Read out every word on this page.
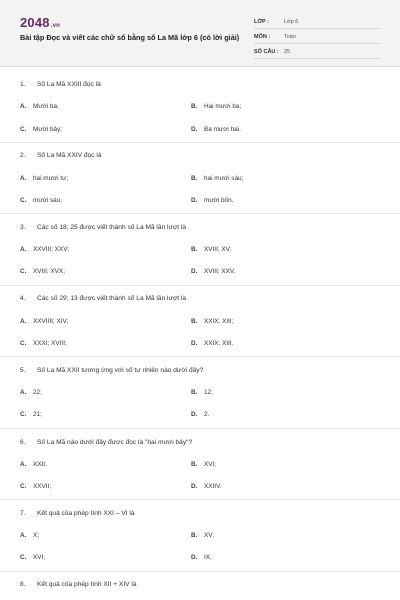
2048.vn
Bài tập Đọc và viết các chữ số bằng số La Mã lớp 6 (có lời giải)
LỚP :	Lớp 6
MÔN :	Toán
SỐ CÂU : 25
1. Số La Mã XXIII đọc là
A. Mười ba;	B. Hai mươi ba;
C. Mười bảy;	D. Ba mươi hai.
2. Số La Mã XXIV đọc là
A. hai mươi tư;	B. hai mươi sáu;
C. mười sáu;	D. mười bốn.
3. Các số 18; 25 được viết thành số La Mã lần lượt là
A. XXVIII; XXV;	B. XVIII; XV;
C. XVIII; XVX;	D. XVIII; XXV.
4. Các số 29; 13 được viết thành số La Mã lần lượt là
A. XXVIIII; XIV;	B. XXIX; XIII;
C. XXXI; XVIII;	D. XXIX; XIII.
5. Số La Mã XXII tương ứng với số tự nhiên nào dưới đây?
A. 22;	B. 12;
C. 21;	D. 2.
6. Số La Mã nào dưới đây được đọc là "hai mươi bảy"?
A. XXII;	B. XVI;
C. XXVII;	D. XXIIV.
7. Kết quả của phép tính XXI – VI là
A. X;	B. XV;
C. XVI;	D. IX.
8. Kết quả của phép tính XII + XIV là
